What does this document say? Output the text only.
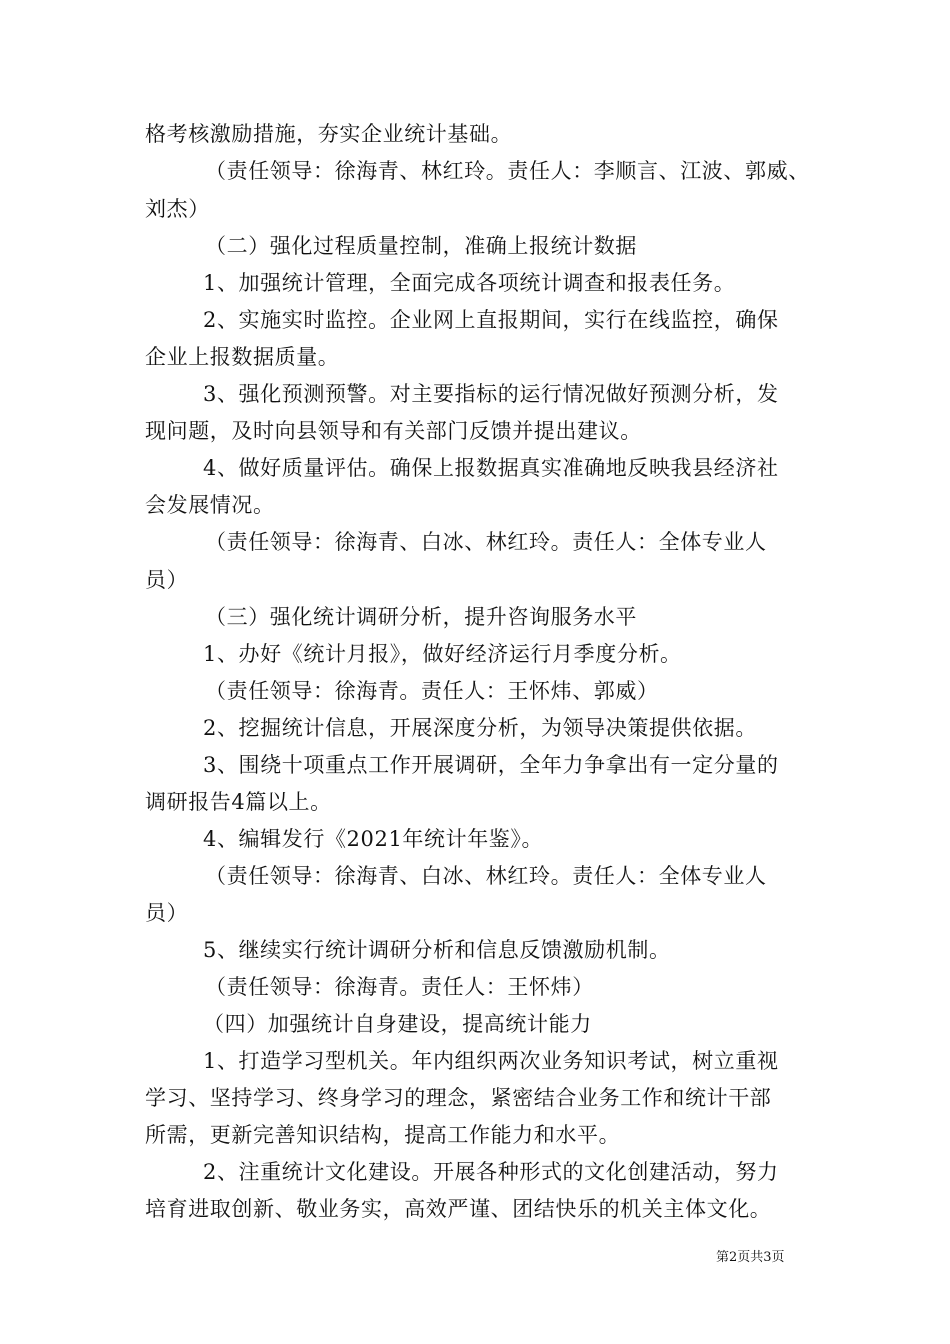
格考核激励措施，夯实企业统计基础。
（责任领导：徐海青、林红玲。责任人：李顺言、江波、郭威、
刘杰）
（二）强化过程质量控制，准确上报统计数据
1、加强统计管理，全面完成各项统计调查和报表任务。
2、实施实时监控。企业网上直报期间，实行在线监控，确保
企业上报数据质量。
3、强化预测预警。对主要指标的运行情况做好预测分析，发
现问题，及时向县领导和有关部门反馈并提出建议。
4、做好质量评估。确保上报数据真实准确地反映我县经济社
会发展情况。
（责任领导：徐海青、白冰、林红玲。责任人：全体专业人
员）
（三）强化统计调研分析，提升咨询服务水平
1、办好《统计月报》，做好经济运行月季度分析。
（责任领导：徐海青。责任人：王怀炜、郭威）
2、挖掘统计信息，开展深度分析，为领导决策提供依据。
3、围绕十项重点工作开展调研，全年力争拿出有一定分量的
调研报告4篇以上。
4、编辑发行《2021年统计年鉴》。
（责任领导：徐海青、白冰、林红玲。责任人：全体专业人
员）
5、继续实行统计调研分析和信息反馈激励机制。
（责任领导：徐海青。责任人：王怀炜）
（四）加强统计自身建设，提高统计能力
1、打造学习型机关。年内组织两次业务知识考试，树立重视
学习、坚持学习、终身学习的理念，紧密结合业务工作和统计干部
所需，更新完善知识结构，提高工作能力和水平。
2、注重统计文化建设。开展各种形式的文化创建活动，努力
培育进取创新、敬业务实，高效严谨、团结快乐的机关主体文化。
第2页共3页
